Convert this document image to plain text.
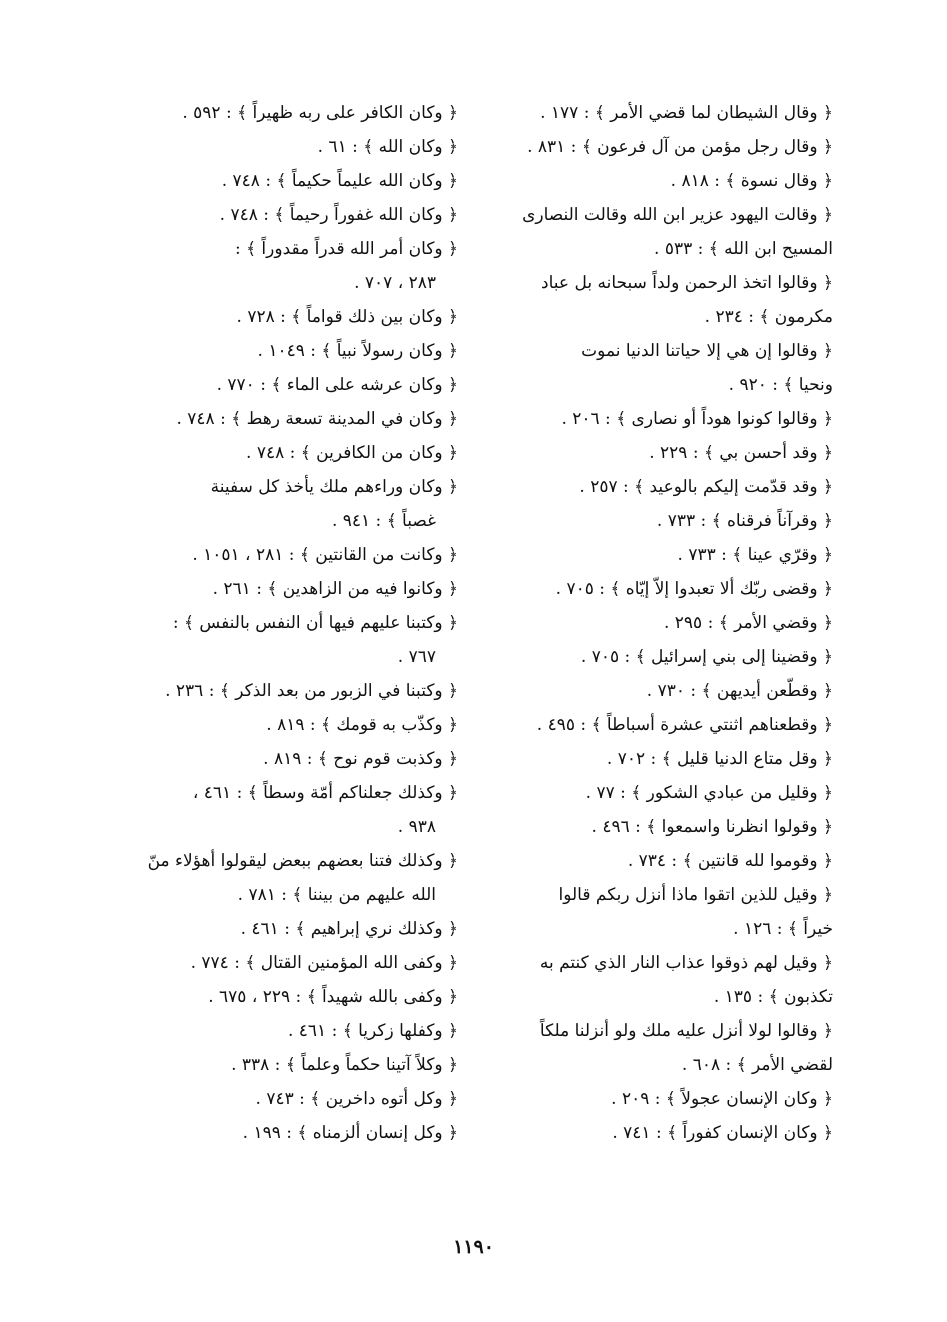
﴿ وقال الشيطان لما قضي الأمر ﴾ : ١٧٧ .
﴿ وقال رجل مؤمن من آل فرعون ﴾ : ٨٣١ .
﴿ وقال نسوة ﴾ : ٨١٨ .
﴿ وقالت اليهود عزير ابن الله وقالت النصارى
المسيح ابن الله ﴾ : ٥٣٣ .
﴿ وقالوا اتخذ الرحمن ولداً سبحانه بل عباد
مكرمون ﴾ : ٢٣٤ .
﴿ وقالوا إن هي إلا حياتنا الدنيا نموت
ونحيا ﴾ : ٩٢٠ .
﴿ وقالوا كونوا هوداً أو نصارى ﴾ : ٢٠٦ .
﴿ وقد أحسن بي ﴾ : ٢٢٩ .
﴿ وقد قدّمت إليكم بالوعيد ﴾ : ٢٥٧ .
﴿ وقرآناً فرقناه ﴾ : ٧٣٣ .
﴿ وقرّي عينا ﴾ : ٧٣٣ .
﴿ وقضى ربّك ألا تعبدوا إلاّ إيّاه ﴾ : ٧٠٥ .
﴿ وقضي الأمر ﴾ : ٢٩٥ .
﴿ وقضينا إلى بني إسرائيل ﴾ : ٧٠٥ .
﴿ وقطّعن أيديهن ﴾ : ٧٣٠ .
﴿ وقطعناهم اثنتي عشرة أسباطاً ﴾ : ٤٩٥ .
﴿ وقل متاع الدنيا قليل ﴾ : ٧٠٢ .
﴿ وقليل من عبادي الشكور ﴾ : ٧٧ .
﴿ وقولوا انظرنا واسمعوا ﴾ : ٤٩٦ .
﴿ وقوموا لله قانتين ﴾ : ٧٣٤ .
﴿ وقيل للذين اتقوا ماذا أنزل ربكم قالوا
خيراً ﴾ : ١٢٦ .
﴿ وقيل لهم ذوقوا عذاب النار الذي كنتم به
تكذبون ﴾ : ١٣٥ .
﴿ وقالوا لولا أنزل عليه ملك ولو أنزلنا ملكاً
لقضي الأمر ﴾ : ٦٠٨ .
﴿ وكان الإنسان عجولاً ﴾ : ٢٠٩ .
﴿ وكان الإنسان كفوراً ﴾ : ٧٤١ .
﴿ وكان الكافر على ربه ظهيراً ﴾ : ٥٩٢ .
﴿ وكان الله ﴾ : ٦١ .
﴿ وكان الله عليماً حكيماً ﴾ : ٧٤٨ .
﴿ وكان الله غفوراً رحيماً ﴾ : ٧٤٨ .
﴿ وكان أمر الله قدراً مقدوراً ﴾ :
٢٨٣ ، ٧٠٧ .
﴿ وكان بين ذلك قواماً ﴾ : ٧٢٨ .
﴿ وكان رسولاً نبياً ﴾ : ١٠٤٩ .
﴿ وكان عرشه على الماء ﴾ : ٧٧٠ .
﴿ وكان في المدينة تسعة رهط ﴾ : ٧٤٨ .
﴿ وكان من الكافرين ﴾ : ٧٤٨ .
﴿ وكان وراءهم ملك يأخذ كل سفينة
غصباً ﴾ : ٩٤١ .
﴿ وكانت من القانتين ﴾ : ٢٨١ ، ١٠٥١ .
﴿ وكانوا فيه من الزاهدين ﴾ : ٢٦١ .
﴿ وكتبنا عليهم فيها أن النفس بالنفس ﴾ :
٧٦٧ .
﴿ وكتبنا في الزبور من بعد الذكر ﴾ : ٢٣٦ .
﴿ وكذّب به قومك ﴾ : ٨١٩ .
﴿ وكذبت قوم نوح ﴾ : ٨١٩ .
﴿ وكذلك جعلناكم أمّة وسطاً ﴾ : ٤٦١ ،
٩٣٨ .
﴿ وكذلك فتنا بعضهم ببعض ليقولوا أهؤلاء منّ
الله عليهم من بيننا ﴾ : ٧٨١ .
﴿ وكذلك نري إبراهيم ﴾ : ٤٦١ .
﴿ وكفى الله المؤمنين القتال ﴾ : ٧٧٤ .
﴿ وكفى بالله شهيداً ﴾ : ٢٢٩ ، ٦٧٥ .
﴿ وكفلها زكريا ﴾ : ٤٦١ .
﴿ وكلاً آتينا حكماً وعلماً ﴾ : ٣٣٨ .
﴿ وكل أتوه داخرين ﴾ : ٧٤٣ .
﴿ وكل إنسان ألزمناه ﴾ : ١٩٩ .
١١٩٠
